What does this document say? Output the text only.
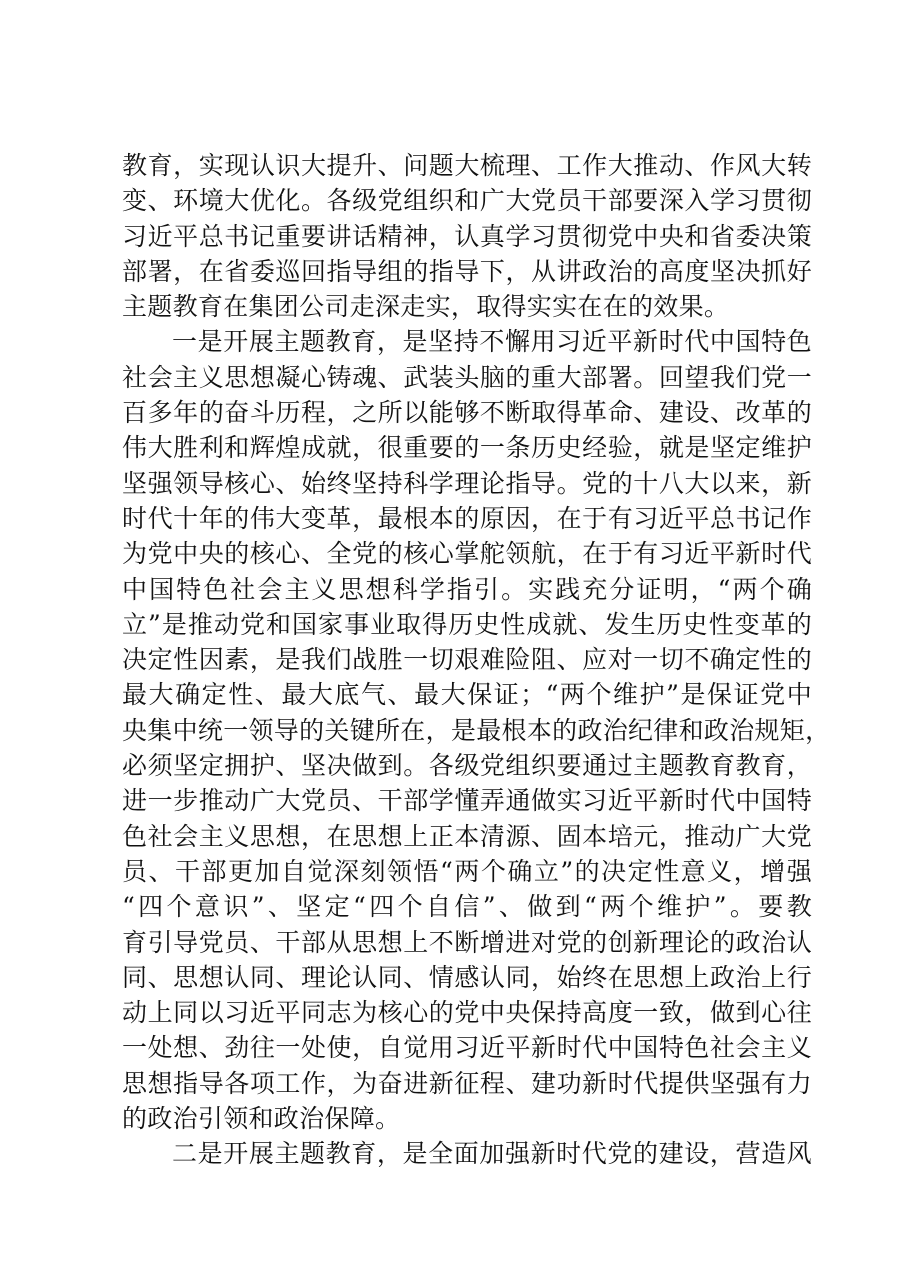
教育，实现认识大提升、问题大梳理、工作大推动、作风大转
变、环境大优化。各级党组织和广大党员干部要深入学习贯彻
习近平总书记重要讲话精神，认真学习贯彻党中央和省委决策
部署，在省委巡回指导组的指导下，从讲政治的高度坚决抓好
主题教育在集团公司走深走实，取得实实在在的效果。
一是开展主题教育，是坚持不懈用习近平新时代中国特色
社会主义思想凝心铸魂、武装头脑的重大部署。回望我们党一
百多年的奋斗历程，之所以能够不断取得革命、建设、改革的
伟大胜利和辉煌成就，很重要的一条历史经验，就是坚定维护
坚强领导核心、始终坚持科学理论指导。党的十八大以来，新
时代十年的伟大变革，最根本的原因，在于有习近平总书记作
为党中央的核心、全党的核心掌舵领航，在于有习近平新时代
中国特色社会主义思想科学指引。实践充分证明，“两个确
立”是推动党和国家事业取得历史性成就、发生历史性变革的
决定性因素，是我们战胜一切艰难险阻、应对一切不确定性的
最大确定性、最大底气、最大保证；“两个维护”是保证党中
央集中统一领导的关键所在，是最根本的政治纪律和政治规矩，
必须坚定拥护、坚决做到。各级党组织要通过主题教育教育，
进一步推动广大党员、干部学懂弄通做实习近平新时代中国特
色社会主义思想，在思想上正本清源、固本培元，推动广大党
员、干部更加自觉深刻领悟“两个确立”的决定性意义，增强
“四个意识”、坚定“四个自信”、做到“两个维护”。要教
育引导党员、干部从思想上不断增进对党的创新理论的政治认
同、思想认同、理论认同、情感认同，始终在思想上政治上行
动上同以习近平同志为核心的党中央保持高度一致，做到心往
一处想、劲往一处使，自觉用习近平新时代中国特色社会主义
思想指导各项工作，为奋进新征程、建功新时代提供坚强有力
的政治引领和政治保障。
二是开展主题教育，是全面加强新时代党的建设，营造风
